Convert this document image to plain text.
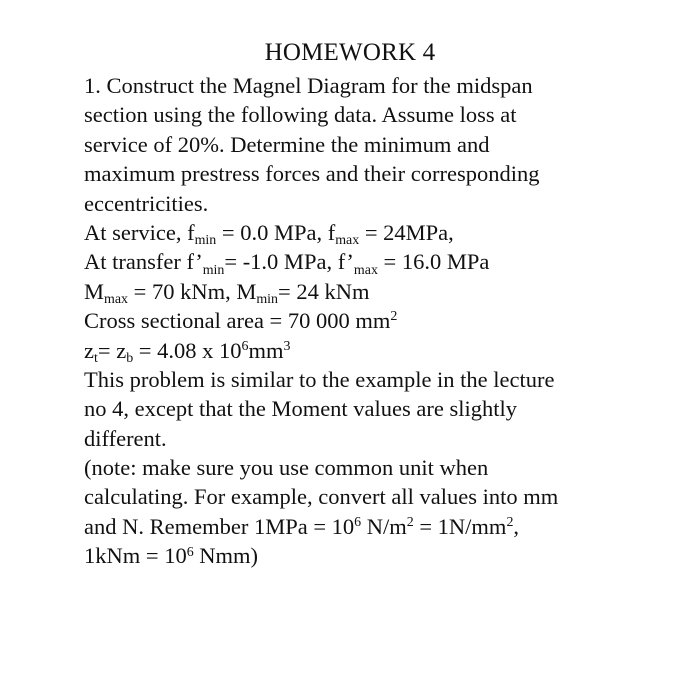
HOMEWORK 4
1. Construct the Magnel Diagram for the midspan
section using the following data. Assume loss at
service of 20%. Determine the minimum and
maximum prestress forces and their corresponding
eccentricities.
At service, fmin = 0.0 MPa, fmax = 24MPa,
At transfer f’min= -1.0 MPa, f’max = 16.0 MPa
Mmax = 70 kNm, Mmin= 24 kNm
Cross sectional area = 70 000 $mm^2$
zt= zb = 4.08 x $10^6mm^3$
This problem is similar to the example in the lecture
no 4, except that the Moment values are slightly
different.
(note: make sure you use common unit when
calculating. For example, convert all values into mm
and N. Remember $1MPa = 10^6$ $N/m^2 = 1N/mm^2$,
$1kNm = 10^6$ Nmm)
